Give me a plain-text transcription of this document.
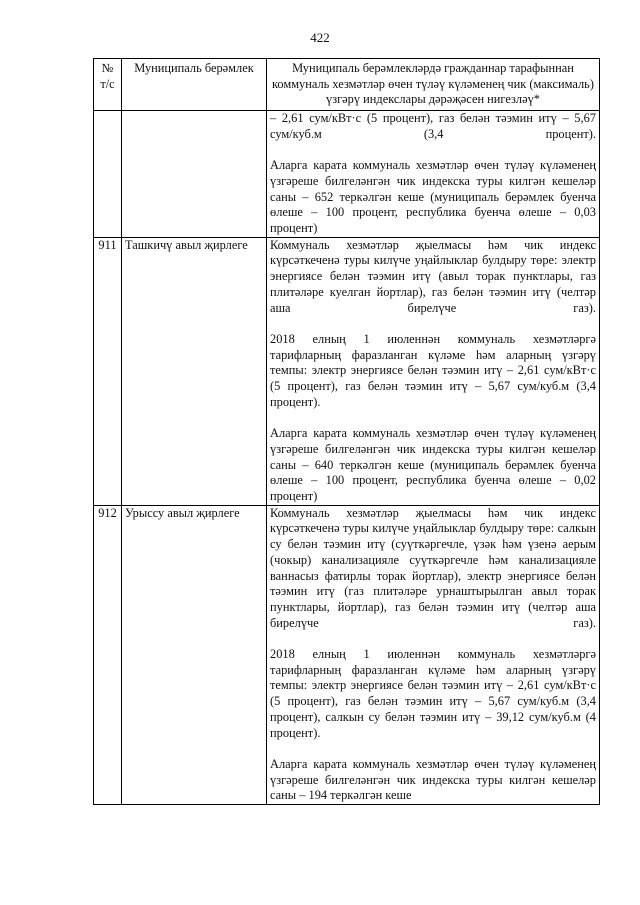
422
№ т/с	Муниципаль берәмлек	Муниципаль берәмлекләрдә гражданнар тарафыннан коммуналь хезмәтләр өчен түләү күләменең чик (максималь) үзгәрү индекслары дәрәҗәсен нигезләү*

		– 2,61 сум/кВт·с (5 процент), газ белән тәэмин итү – 5,67 сум/куб.м (3,4 процент).

Аларга карата коммуналь хезмәтләр өчен түләү күләменең үзгәреше билгеләнгән чик индекска туры килгән кешеләр саны – 652 теркәлгән кеше (муниципаль берәмлек буенча өлеше – 100 процент, республика буенча өлеше – 0,03 процент)

911	Ташкичү авыл җирлеге	Коммуналь хезмәтләр җыелмасы һәм чик индекс күрсәткеченә туры килүче уңайлыклар булдыру төре: электр энергиясе белән тәэмин итү (авыл торак пунктлары, газ плитәләре куелган йортлар), газ белән тәэмин итү (челтәр аша бирелүче газ).

2018 елның 1 июленнән коммуналь хезмәтләргә тарифларның фаразланган күләме һәм аларның үзгәрү темпы: электр энергиясе белән тәэмин итү – 2,61 сум/кВт·с (5 процент), газ белән тәэмин итү – 5,67 сум/куб.м (3,4 процент).

Аларга карата коммуналь хезмәтләр өчен түләү күләменең үзгәреше билгеләнгән чик индекска туры килгән кешеләр саны – 640 теркәлгән кеше (муниципаль берәмлек буенча өлеше – 100 процент, республика буенча өлеше – 0,02 процент)

912	Урыссу авыл җирлеге	Коммуналь хезмәтләр җыелмасы һәм чик индекс күрсәткеченә туры килүче уңайлыклар булдыру төре: салкын су белән тәэмин итү (суүткәргечле, үзәк һәм үзенә аерым (чокыр) канализацияле суүткәргечле һәм канализацияле ваннасыз фатирлы торак йортлар), электр энергиясе белән тәэмин итү (газ плитәләре урнаштырылган авыл торак пунктлары, йортлар), газ белән тәэмин итү (челтәр аша бирелүче газ).

2018 елның 1 июленнән коммуналь хезмәтләргә тарифларның фаразланган күләме һәм аларның үзгәрү темпы: электр энергиясе белән тәэмин итү – 2,61 сум/кВт·с (5 процент), газ белән тәэмин итү – 5,67 сум/куб.м (3,4 процент), салкын су белән тәэмин итү – 39,12 сум/куб.м (4 процент).

Аларга карата коммуналь хезмәтләр өчен түләү күләменең үзгәреше билгеләнгән чик индекска туры килгән кешеләр саны – 194 теркәлгән кеше
